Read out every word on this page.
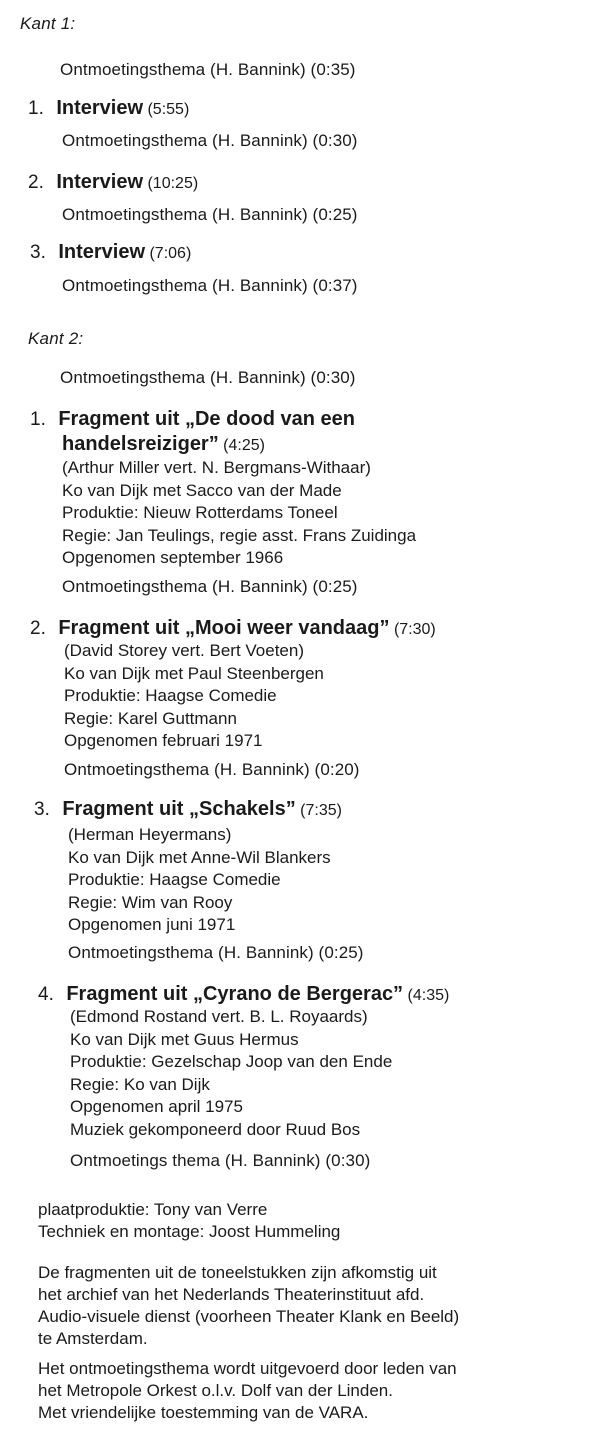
Kant 1:
Ontmoetingsthema (H. Bannink) (0:35)
1. Interview (5:55)
Ontmoetingsthema (H. Bannink) (0:30)
2. Interview (10:25)
Ontmoetingsthema (H. Bannink) (0:25)
3. Interview (7:06)
Ontmoetingsthema (H. Bannink) (0:37)
Kant 2:
Ontmoetingsthema (H. Bannink) (0:30)
1. Fragment uit „De dood van een
handelsreiziger” (4:25)
(Arthur Miller vert. N. Bergmans-Withaar)
Ko van Dijk met Sacco van der Made
Produktie: Nieuw Rotterdams Toneel
Regie: Jan Teulings, regie asst. Frans Zuidinga
Opgenomen september 1966
Ontmoetingsthema (H. Bannink) (0:25)
2. Fragment uit „Mooi weer vandaag” (7:30)
(David Storey vert. Bert Voeten)
Ko van Dijk met Paul Steenbergen
Produktie: Haagse Comedie
Regie: Karel Guttmann
Opgenomen februari 1971
Ontmoetingsthema (H. Bannink) (0:20)
3. Fragment uit „Schakels” (7:35)
(Herman Heyermans)
Ko van Dijk met Anne-Wil Blankers
Produktie: Haagse Comedie
Regie: Wim van Rooy
Opgenomen juni 1971
Ontmoetingsthema (H. Bannink) (0:25)
4. Fragment uit „Cyrano de Bergerac” (4:35)
(Edmond Rostand vert. B. L. Royaards)
Ko van Dijk met Guus Hermus
Produktie: Gezelschap Joop van den Ende
Regie: Ko van Dijk
Opgenomen april 1975
Muziek gekomponeerd door Ruud Bos
Ontmoetings thema (H. Bannink) (0:30)
plaatproduktie: Tony van Verre
Techniek en montage: Joost Hummeling
De fragmenten uit de toneelstukken zijn afkomstig uit
het archief van het Nederlands Theaterinstituut afd.
Audio-visuele dienst (voorheen Theater Klank en Beeld)
te Amsterdam.
Het ontmoetingsthema wordt uitgevoerd door leden van
het Metropole Orkest o.l.v. Dolf van der Linden.
Met vriendelijke toestemming van de VARA.
